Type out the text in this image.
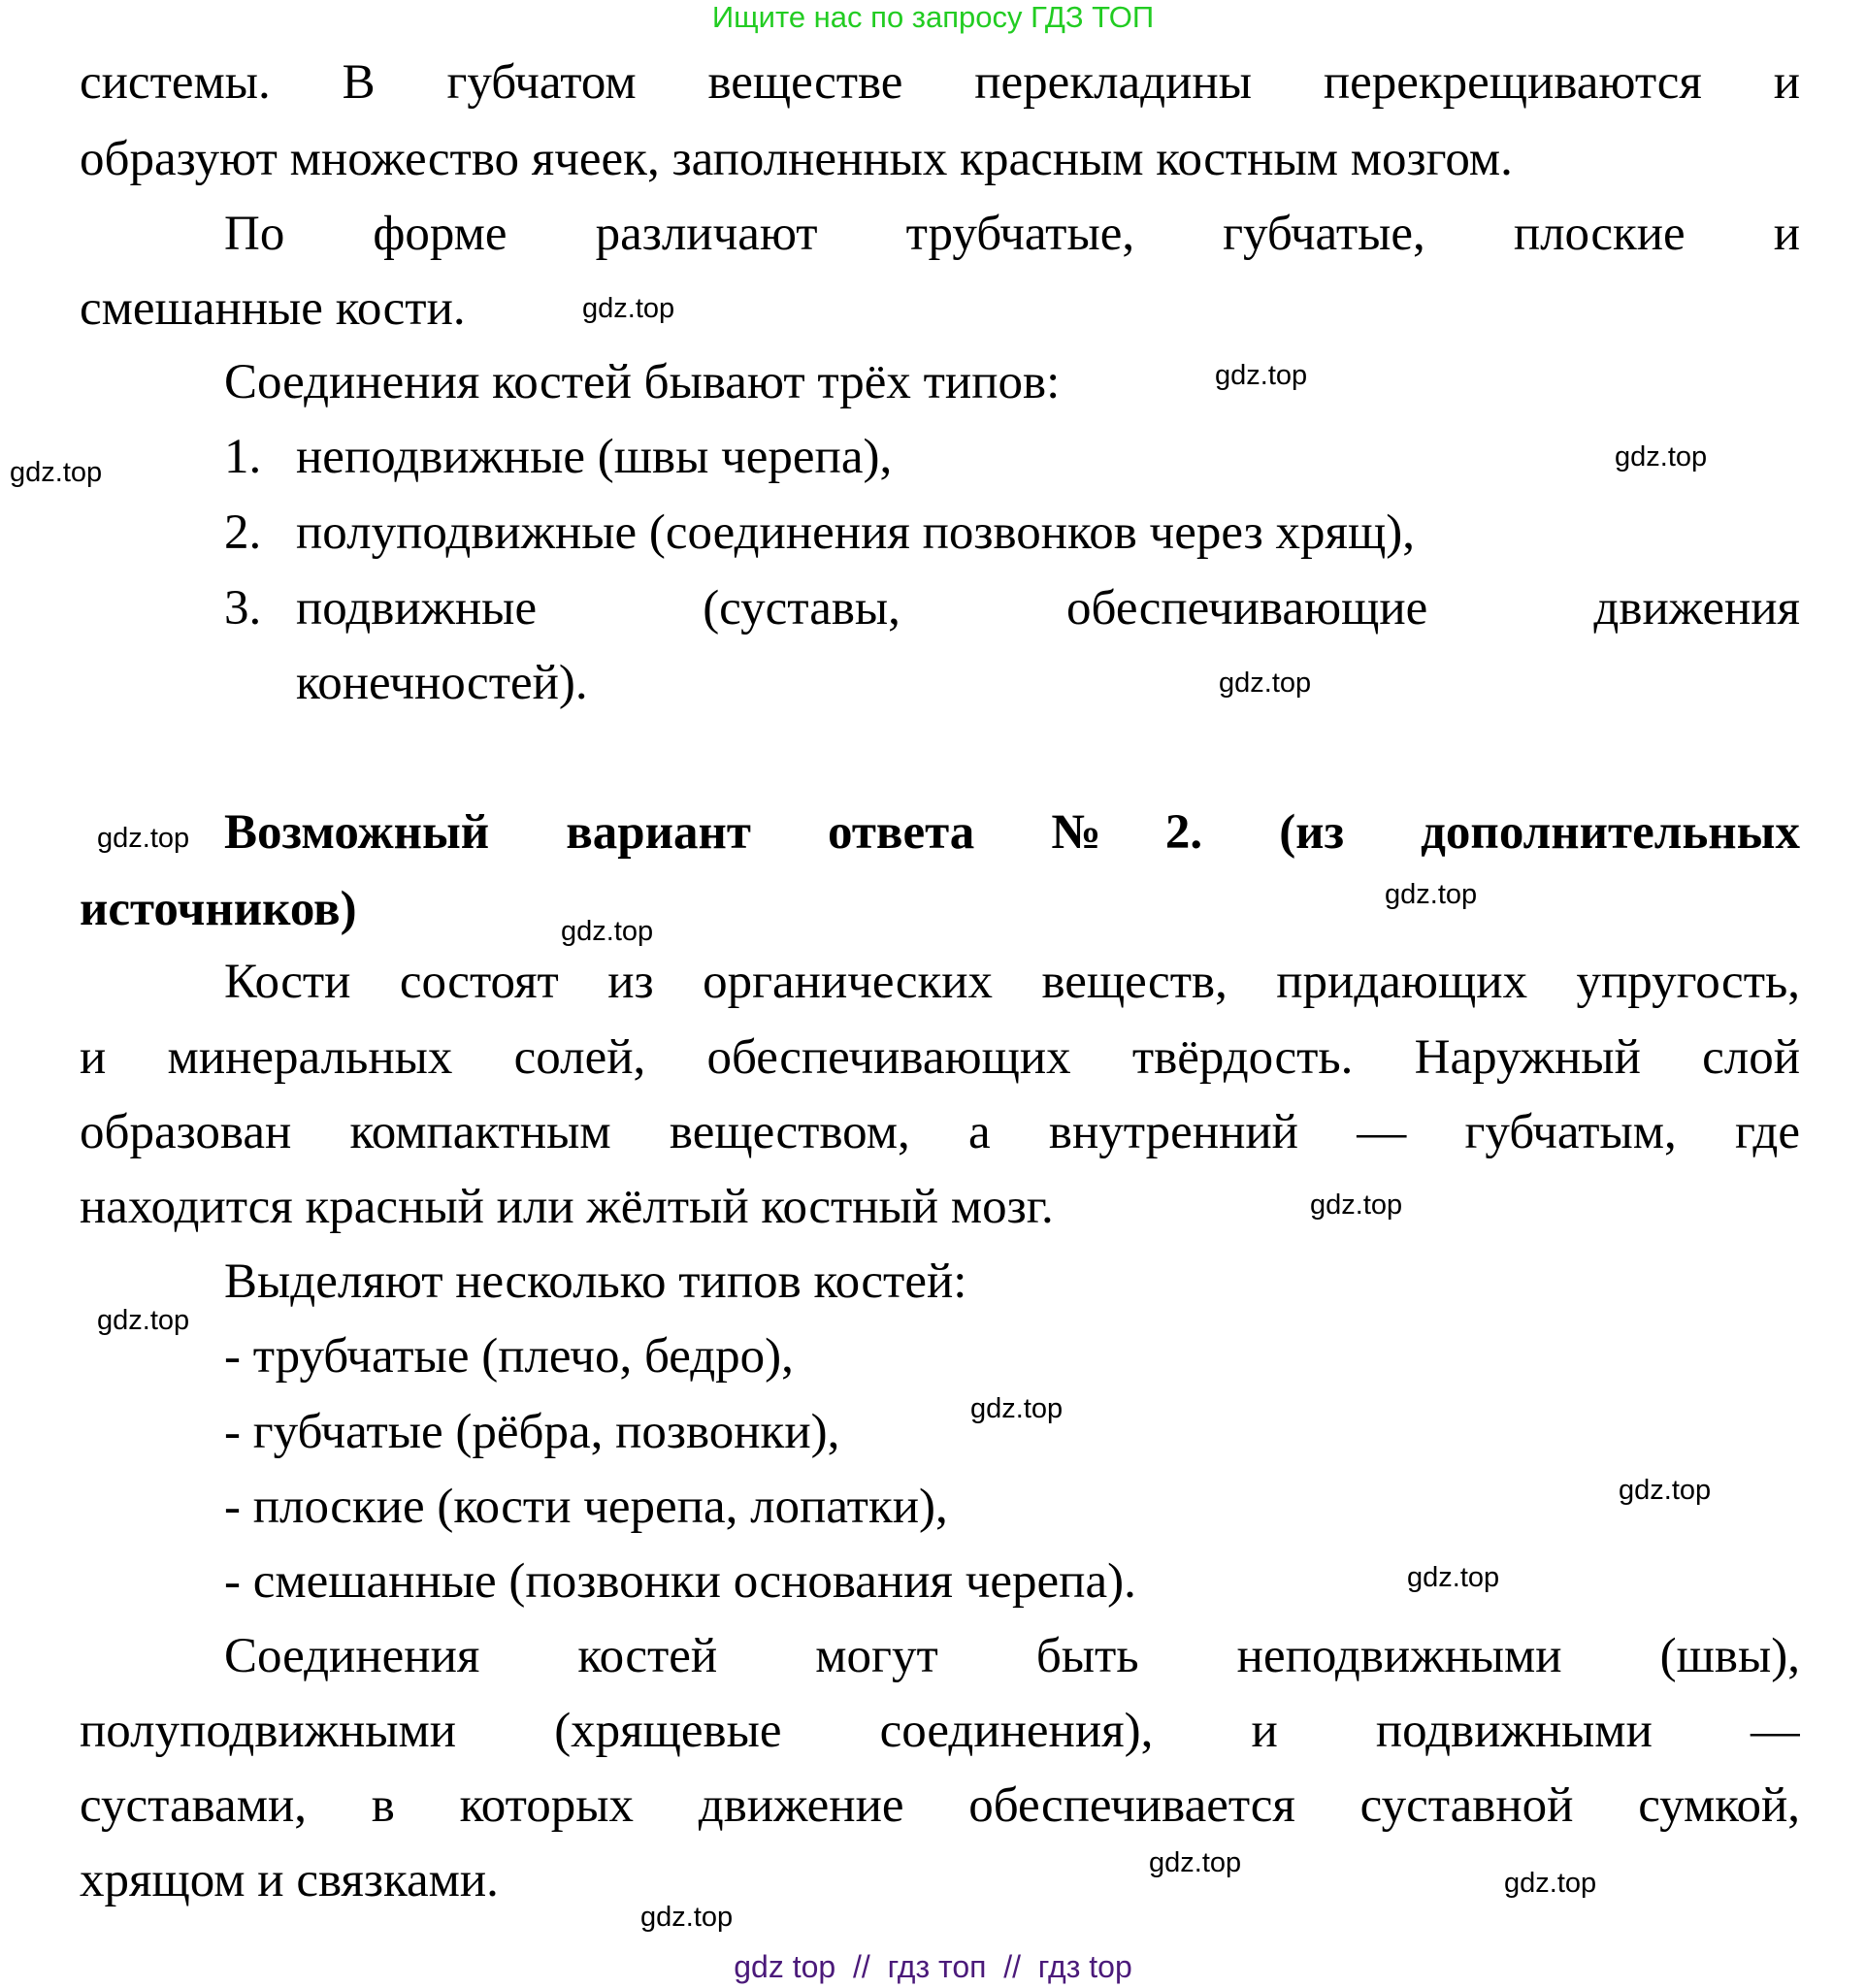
Ищите нас по запросу ГДЗ ТОП
системы. В губчатом веществе перекладины перекрещиваются и
образуют множество ячеек, заполненных красным костным мозгом.
По форме различают трубчатые, губчатые, плоские и
смешанные кости.
Соединения костей бывают трёх типов:
1. неподвижные (швы черепа),
2. полуподвижные (соединения позвонков через хрящ),
3. подвижные (суставы, обеспечивающие движения
конечностей).
Возможный вариант ответа №2. (из дополнительных
источников)
Кости состоят из органических веществ, придающих упругость,
и минеральных солей, обеспечивающих твёрдость. Наружный слой
образован компактным веществом, а внутренний — губчатым, где
находится красный или жёлтый костный мозг.
Выделяют несколько типов костей:
- трубчатые (плечо, бедро),
- губчатые (рёбра, позвонки),
- плоские (кости черепа, лопатки),
- смешанные (позвонки основания черепа).
Соединения костей могут быть неподвижными (швы),
полуподвижными (хрящевые соединения), и подвижными —
суставами, в которых движение обеспечивается суставной сумкой,
хрящом и связками.
gdz.top
gdz.top
gdz.top
gdz.top
gdz.top
gdz.top
gdz.top
gdz.top
gdz.top
gdz.top
gdz.top
gdz.top
gdz.top
gdz.top
gdz.top
gdz.top
gdz top  //  гдз топ  //  гдз top
